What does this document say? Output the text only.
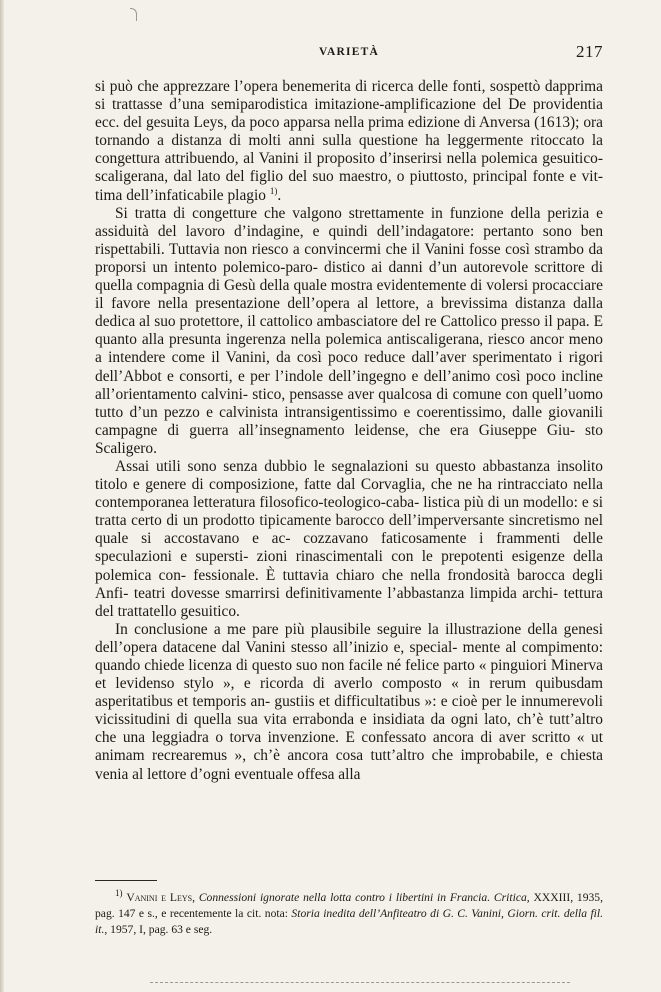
VARIETÀ	217

si può che apprezzare l’opera benemerita di ricerca delle fonti, sospettò dapprima si trattasse d’una semiparodistica imitazione-amplificazione del De providentia ecc. del gesuita Leys, da poco apparsa nella prima edizione di Anversa (1613); ora tornando a distanza di molti anni sulla questione ha leggermente ritoccato la congettura attribuendo, al Vanini il proposito d’inserirsi nella polemica gesuitico-scaligerana, dal lato del figlio del suo maestro, o piuttosto, principal fonte e vit- tima dell’infaticabile plagio $^{1)}$.

Si tratta di congetture che valgono strettamente in funzione della perizia e assiduità del lavoro d’indagine, e quindi dell’indagatore: pertanto sono ben rispettabili. Tuttavia non riesco a convincermi che il Vanini fosse così strambo da proporsi un intento polemico-paro- distico ai danni d’un autorevole scrittore di quella compagnia di Gesù della quale mostra evidentemente di volersi procacciare il favore nella presentazione dell’opera al lettore, a brevissima distanza dalla dedica al suo protettore, il cattolico ambasciatore del re Cattolico presso il papa. E quanto alla presunta ingerenza nella polemica antiscaligerana, riesco ancor meno a intendere come il Vanini, da così poco reduce dall’aver sperimentato i rigori dell’Abbot e consorti, e per l’indole dell’ingegno e dell’animo così poco incline all’orientamento calvini- stico, pensasse aver qualcosa di comune con quell’uomo tutto d’un pezzo e calvinista intransigentissimo e coerentissimo, dalle giovanili campagne di guerra all’insegnamento leidense, che era Giuseppe Giu- sto Scaligero.

Assai utili sono senza dubbio le segnalazioni su questo abbastanza insolito titolo e genere di composizione, fatte dal Corvaglia, che ne ha rintracciato nella contemporanea letteratura filosofico-teologico-caba- listica più di un modello: e si tratta certo di un prodotto tipicamente barocco dell’imperversante sincretismo nel quale si accostavano e ac- cozzavano faticosamente i frammenti delle speculazioni e supersti- zioni rinascimentali con le prepotenti esigenze della polemica con- fessionale. È tuttavia chiaro che nella frondosità barocca degli Anfi- teatri dovesse smarrirsi definitivamente l’abbastanza limpida archi- tettura del trattatello gesuitico.

In conclusione a me pare più plausibile seguire la illustrazione della genesi dell’opera datacene dal Vanini stesso all’inizio e, special- mente al compimento: quando chiede licenza di questo suo non facile né felice parto « pinguiori Minerva et levidenso stylo », e ricorda di averlo composto « in rerum quibusdam asperitatibus et temporis an- gustiis et difficultatibus »: e cioè per le innumerevoli vicissitudini di quella sua vita errabonda e insidiata da ogni lato, ch’è tutt’altro che una leggiadra o torva invenzione. E confessato ancora di aver scritto « ut animam recrearemus », ch’è ancora cosa tutt’altro che improbabile, e chiesta venia al lettore d’ogni eventuale offesa alla

$^{1)}$ Vanini e Leys, Connessioni ignorate nella lotta contro i libertini in Francia. Critica, XXXIII, 1935, pag. 147 e s., e recentemente la cit. nota: Storia inedita dell’Anfiteatro di G. C. Vanini, Giorn. crit. della fil. it., 1957, I, pag. 63 e seg.
